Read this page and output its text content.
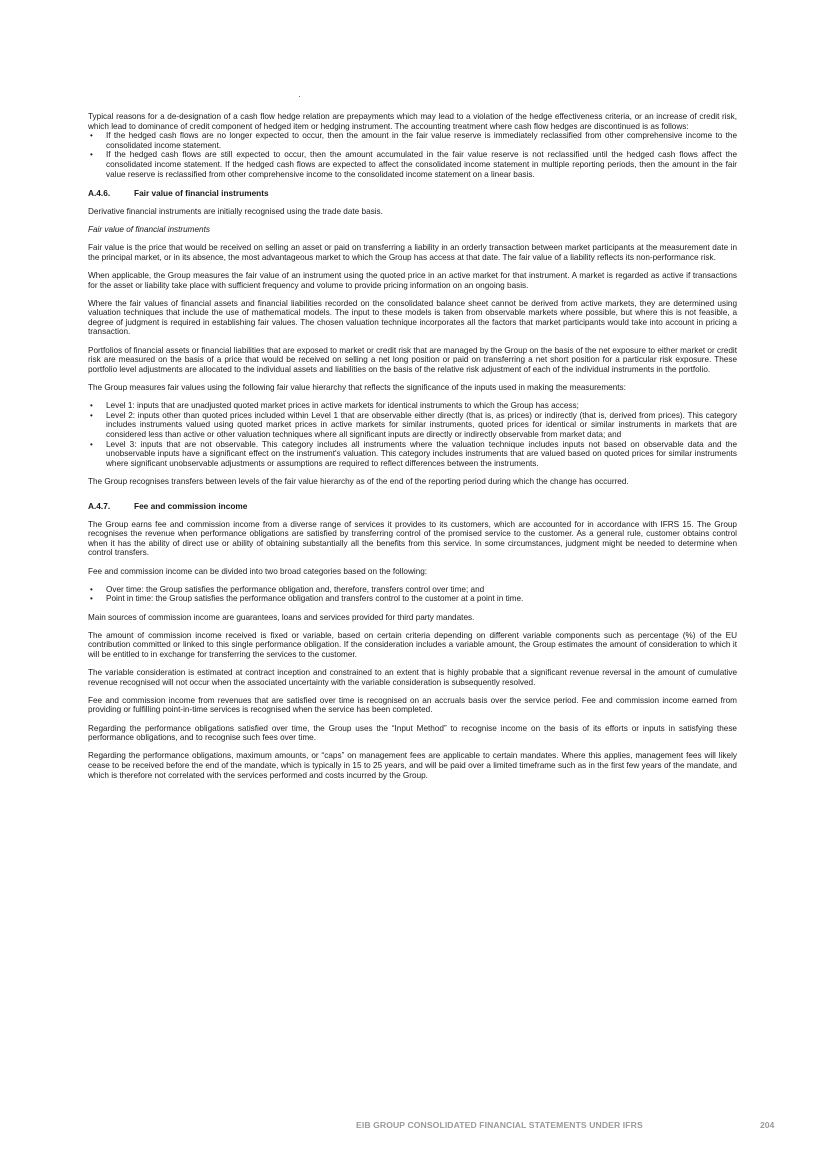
Typical reasons for a de-designation of a cash flow hedge relation are prepayments which may lead to a violation of the hedge effectiveness criteria, or an increase of credit risk, which lead to dominance of credit component of hedged item or hedging instrument. The accounting treatment where cash flow hedges are discontinued is as follows:

• If the hedged cash flows are no longer expected to occur, then the amount in the fair value reserve is immediately reclassified from other comprehensive income to the consolidated income statement.
• If the hedged cash flows are still expected to occur, then the amount accumulated in the fair value reserve is not reclassified until the hedged cash flows affect the consolidated income statement. If the hedged cash flows are expected to affect the consolidated income statement in multiple reporting periods, then the amount in the fair value reserve is reclassified from other comprehensive income to the consolidated income statement on a linear basis.
A.4.6.	Fair value of financial instruments

Derivative financial instruments are initially recognised using the trade date basis.

Fair value of financial instruments

Fair value is the price that would be received on selling an asset or paid on transferring a liability in an orderly transaction between market participants at the measurement date in the principal market, or in its absence, the most advantageous market to which the Group has access at that date. The fair value of a liability reflects its non-performance risk.

When applicable, the Group measures the fair value of an instrument using the quoted price in an active market for that instrument. A market is regarded as active if transactions for the asset or liability take place with sufficient frequency and volume to provide pricing information on an ongoing basis.

Where the fair values of financial assets and financial liabilities recorded on the consolidated balance sheet cannot be derived from active markets, they are determined using valuation techniques that include the use of mathematical models. The input to these models is taken from observable markets where possible, but where this is not feasible, a degree of judgment is required in establishing fair values. The chosen valuation technique incorporates all the factors that market participants would take into account in pricing a transaction.

Portfolios of financial assets or financial liabilities that are exposed to market or credit risk that are managed by the Group on the basis of the net exposure to either market or credit risk are measured on the basis of a price that would be received on selling a net long position or paid on transferring a net short position for a particular risk exposure. These portfolio level adjustments are allocated to the individual assets and liabilities on the basis of the relative risk adjustment of each of the individual instruments in the portfolio.

The Group measures fair values using the following fair value hierarchy that reflects the significance of the inputs used in making the measurements:

• Level 1: inputs that are unadjusted quoted market prices in active markets for identical instruments to which the Group has access;
• Level 2: inputs other than quoted prices included within Level 1 that are observable either directly (that is, as prices) or indirectly (that is, derived from prices). This category includes instruments valued using quoted market prices in active markets for similar instruments, quoted prices for identical or similar instruments in markets that are considered less than active or other valuation techniques where all significant inputs are directly or indirectly observable from market data; and
• Level 3: inputs that are not observable. This category includes all instruments where the valuation technique includes inputs not based on observable data and the unobservable inputs have a significant effect on the instrument's valuation. This category includes instruments that are valued based on quoted prices for similar instruments where significant unobservable adjustments or assumptions are required to reflect differences between the instruments.

The Group recognises transfers between levels of the fair value hierarchy as of the end of the reporting period during which the change has occurred.

A.4.7.	Fee and commission income

The Group earns fee and commission income from a diverse range of services it provides to its customers, which are accounted for in accordance with IFRS 15. The Group recognises the revenue when performance obligations are satisfied by transferring control of the promised service to the customer. As a general rule, customer obtains control when it has the ability of direct use or ability of obtaining substantially all the benefits from this service. In some circumstances, judgment might be needed to determine when control transfers.

Fee and commission income can be divided into two broad categories based on the following:

• Over time: the Group satisfies the performance obligation and, therefore, transfers control over time; and
• Point in time: the Group satisfies the performance obligation and transfers control to the customer at a point in time.

Main sources of commission income are guarantees, loans and services provided for third party mandates.

The amount of commission income received is fixed or variable, based on certain criteria depending on different variable components such as percentage (%) of the EU contribution committed or linked to this single performance obligation. If the consideration includes a variable amount, the Group estimates the amount of consideration to which it will be entitled to in exchange for transferring the services to the customer.

The variable consideration is estimated at contract inception and constrained to an extent that is highly probable that a significant revenue reversal in the amount of cumulative revenue recognised will not occur when the associated uncertainty with the variable consideration is subsequently resolved.

Fee and commission income from revenues that are satisfied over time is recognised on an accruals basis over the service period. Fee and commission income earned from providing or fulfilling point-in-time services is recognised when the service has been completed.

Regarding the performance obligations satisfied over time, the Group uses the “Input Method” to recognise income on the basis of its efforts or inputs in satisfying these performance obligations, and to recognise such fees over time.

Regarding the performance obligations, maximum amounts, or “caps” on management fees are applicable to certain mandates. Where this applies, management fees will likely cease to be received before the end of the mandate, which is typically in 15 to 25 years, and will be paid over a limited timeframe such as in the first few years of the mandate, and which is therefore not correlated with the services performed and costs incurred by the Group.

EIB GROUP CONSOLIDATED FINANCIAL STATEMENTS UNDER IFRS	204
